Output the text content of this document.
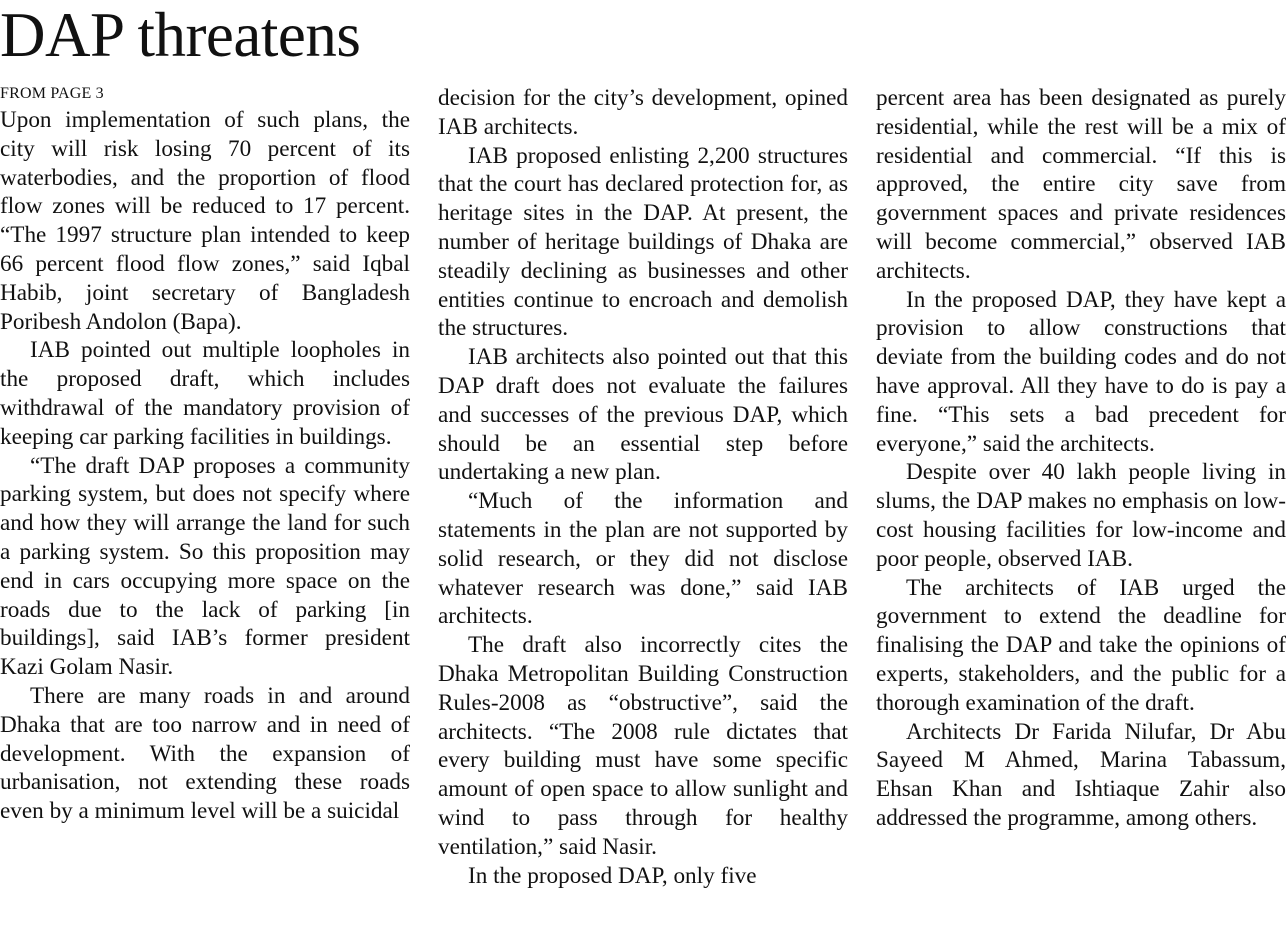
DAP threatens
FROM PAGE 3

Upon implementation of such plans, the city will risk losing 70 percent of its waterbodies, and the proportion of flood flow zones will be reduced to 17 percent. “The 1997 structure plan intended to keep 66 percent flood flow zones,” said Iqbal Habib, joint secretary of Bangladesh Poribesh Andolon (Bapa).

IAB pointed out multiple loopholes in the proposed draft, which includes withdrawal of the mandatory provision of keeping car parking facilities in buildings.

“The draft DAP proposes a community parking system, but does not specify where and how they will arrange the land for such a parking system. So this proposition may end in cars occupying more space on the roads due to the lack of parking [in buildings], said IAB’s former president Kazi Golam Nasir.

There are many roads in and around Dhaka that are too narrow and in need of development. With the expansion of urbanisation, not extending these roads even by a minimum level will be a suicidal

decision for the city’s development, opined IAB architects.

IAB proposed enlisting 2,200 structures that the court has declared protection for, as heritage sites in the DAP. At present, the number of heritage buildings of Dhaka are steadily declining as businesses and other entities continue to encroach and demolish the structures.

IAB architects also pointed out that this DAP draft does not evaluate the failures and successes of the previous DAP, which should be an essential step before undertaking a new plan.

“Much of the information and statements in the plan are not supported by solid research, or they did not disclose whatever research was done,” said IAB architects.

The draft also incorrectly cites the Dhaka Metropolitan Building Construction Rules-2008 as “obstructive”, said the architects. “The 2008 rule dictates that every building must have some specific amount of open space to allow sunlight and wind to pass through for healthy ventilation,” said Nasir.

In the proposed DAP, only five

percent area has been designated as purely residential, while the rest will be a mix of residential and commercial. “If this is approved, the entire city save from government spaces and private residences will become commercial,” observed IAB architects.

In the proposed DAP, they have kept a provision to allow constructions that deviate from the building codes and do not have approval. All they have to do is pay a fine. “This sets a bad precedent for everyone,” said the architects.

Despite over 40 lakh people living in slums, the DAP makes no emphasis on low-cost housing facilities for low-income and poor people, observed IAB.

The architects of IAB urged the government to extend the deadline for finalising the DAP and take the opinions of experts, stakeholders, and the public for a thorough examination of the draft.

Architects Dr Farida Nilufar, Dr Abu Sayeed M Ahmed, Marina Tabassum, Ehsan Khan and Ishtiaque Zahir also addressed the programme, among others.
